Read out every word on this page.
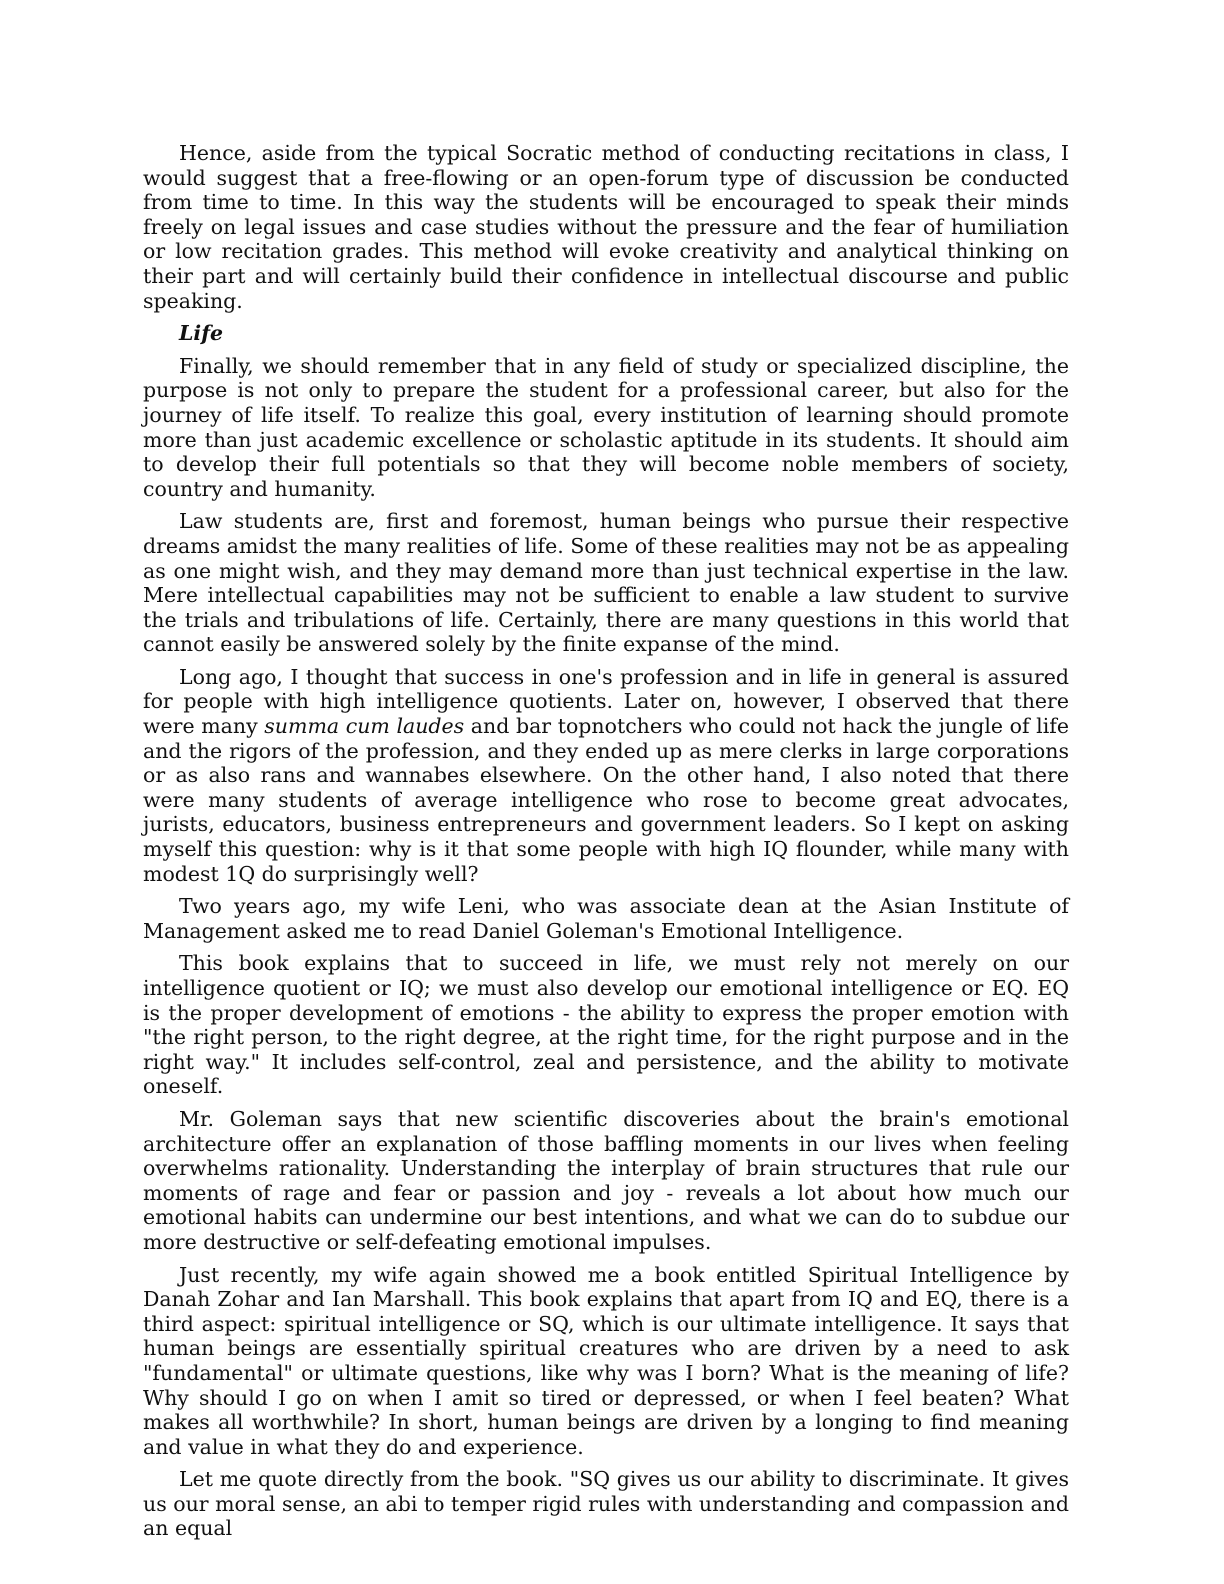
Hence, aside from the typical Socratic method of conducting recitations in class, I would suggest that a free-flowing or an open-forum type of discussion be conducted from time to time. In this way the students will be encouraged to speak their minds freely on legal issues and case studies without the pressure and the fear of humiliation or low recitation grades. This method will evoke creativity and analytical thinking on their part and will certainly build their confidence in intellectual discourse and public speaking.

Life

Finally, we should remember that in any field of study or specialized discipline, the purpose is not only to prepare the student for a professional career, but also for the journey of life itself. To realize this goal, every institution of learning should promote more than just academic excellence or scholastic aptitude in its students. It should aim to develop their full potentials so that they will become noble members of society, country and humanity.

Law students are, first and foremost, human beings who pursue their respective dreams amidst the many realities of life. Some of these realities may not be as appealing as one might wish, and they may demand more than just technical expertise in the law. Mere intellectual capabilities may not be sufficient to enable a law student to survive the trials and tribulations of life. Certainly, there are many questions in this world that cannot easily be answered solely by the finite expanse of the mind.

Long ago, I thought that success in one's profession and in life in general is assured for people with high intelligence quotients. Later on, however, I observed that there were many summa cum laudes and bar topnotchers who could not hack the jungle of life and the rigors of the profession, and they ended up as mere clerks in large corporations or as also rans and wannabes elsewhere. On the other hand, I also noted that there were many students of average intelligence who rose to become great advocates, jurists, educators, business entrepreneurs and government leaders. So I kept on asking myself this question: why is it that some people with high IQ flounder, while many with modest 1Q do surprisingly well?

Two years ago, my wife Leni, who was associate dean at the Asian Institute of Management asked me to read Daniel Goleman's Emotional Intelligence.

This book explains that to succeed in life, we must rely not merely on our intelligence quotient or IQ; we must also develop our emotional intelligence or EQ. EQ is the proper development of emotions - the ability to express the proper emotion with "the right person, to the right degree, at the right time, for the right purpose and in the right way." It includes self-control, zeal and persistence, and the ability to motivate oneself.

Mr. Goleman says that new scientific discoveries about the brain's emotional architecture offer an explanation of those baffling moments in our lives when feeling overwhelms rationality. Understanding the interplay of brain structures that rule our moments of rage and fear or passion and joy - reveals a lot about how much our emotional habits can undermine our best intentions, and what we can do to subdue our more destructive or self-defeating emotional impulses.

Just recently, my wife again showed me a book entitled Spiritual Intelligence by Danah Zohar and Ian Marshall. This book explains that apart from IQ and EQ, there is a third aspect: spiritual intelligence or SQ, which is our ultimate intelligence. It says that human beings are essentially spiritual creatures who are driven by a need to ask "fundamental" or ultimate questions, like why was I born? What is the meaning of life? Why should I go on when I amit so tired or depressed, or when I feel beaten? What makes all worthwhile? In short, human beings are driven by a longing to find meaning and value in what they do and experience.

Let me quote directly from the book. "SQ gives us our ability to discriminate. It gives us our moral sense, an abi to temper rigid rules with understanding and compassion and an equal
